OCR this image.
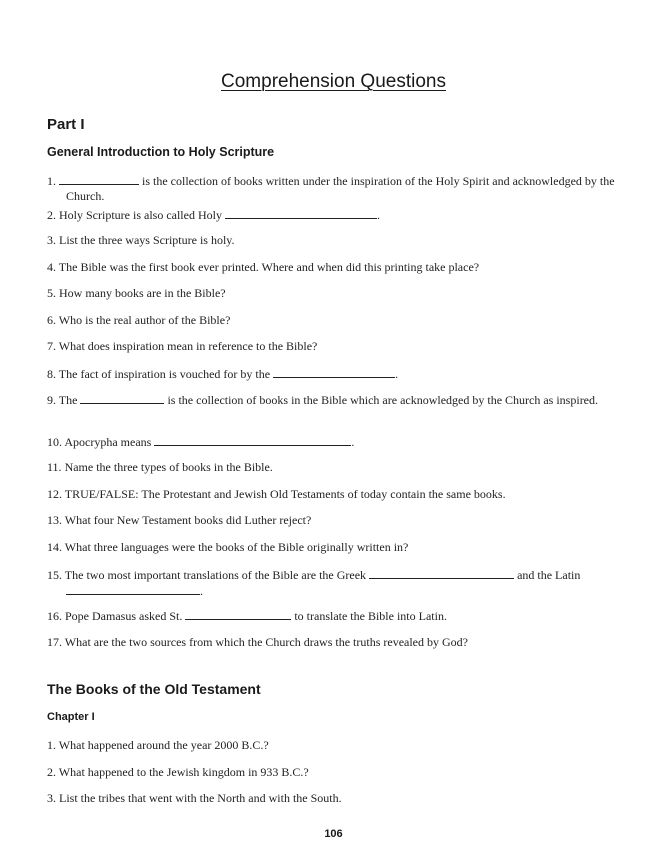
Comprehension Questions
Part I
General Introduction to Holy Scripture
1.	is the collection of books written under the inspiration of the Holy Spirit and acknowledged by the Church.
2. Holy Scripture is also called Holy	.
3. List the three ways Scripture is holy.
4. The Bible was the first book ever printed. Where and when did this printing take place?
5. How many books are in the Bible?
6. Who is the real author of the Bible?
7. What does inspiration mean in reference to the Bible?
8. The fact of inspiration is vouched for by the	.
9. The	is the collection of books in the Bible which are acknowledged by the Church as inspired.
10. Apocrypha means	.
11. Name the three types of books in the Bible.
12. TRUE/FALSE: The Protestant and Jewish Old Testaments of today contain the same books.
13. What four New Testament books did Luther reject?
14. What three languages were the books of the Bible originally written in?
15. The two most important translations of the Bible are the Greek	and the Latin .
16. Pope Damasus asked St.	to translate the Bible into Latin.
17. What are the two sources from which the Church draws the truths revealed by God?
The Books of the Old Testament
Chapter I
1. What happened around the year 2000 B.C.?
2. What happened to the Jewish kingdom in 933 B.C.?
3. List the tribes that went with the North and with the South.
106
